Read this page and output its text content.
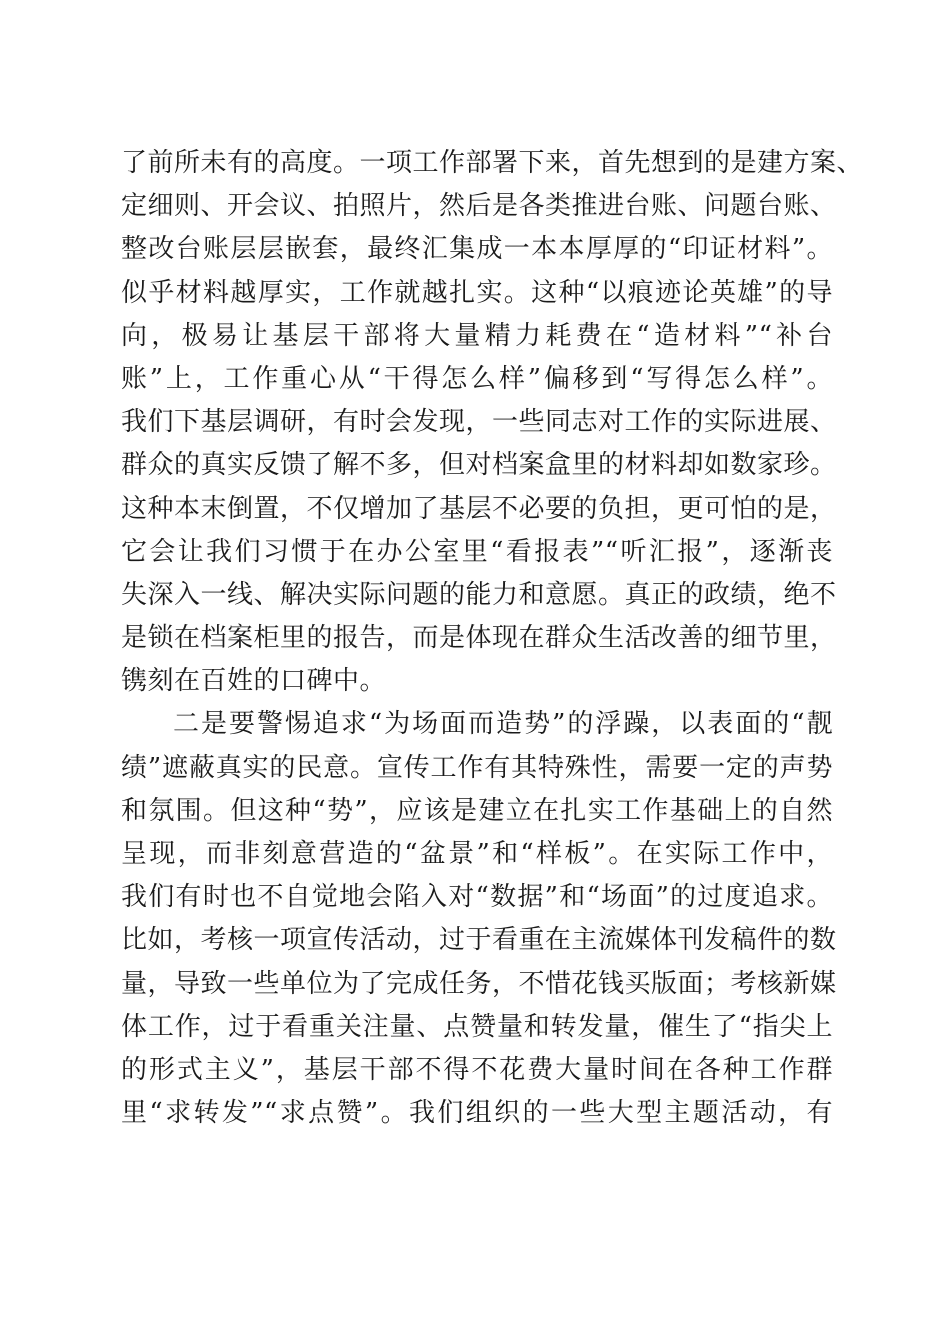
了前所未有的高度。一项工作部署下来，首先想到的是建方案、
定细则、开会议、拍照片，然后是各类推进台账、问题台账、
整改台账层层嵌套，最终汇集成一本本厚厚的“印证材料”。
似乎材料越厚实，工作就越扎实。这种“以痕迹论英雄”的导
向，极易让基层干部将大量精力耗费在“造材料”“补台
账”上，工作重心从“干得怎么样”偏移到“写得怎么样”。
我们下基层调研，有时会发现，一些同志对工作的实际进展、
群众的真实反馈了解不多，但对档案盒里的材料却如数家珍。
这种本末倒置，不仅增加了基层不必要的负担，更可怕的是，
它会让我们习惯于在办公室里“看报表”“听汇报”，逐渐丧
失深入一线、解决实际问题的能力和意愿。真正的政绩，绝不
是锁在档案柜里的报告，而是体现在群众生活改善的细节里，
镌刻在百姓的口碑中。
二是要警惕追求“为场面而造势”的浮躁，以表面的“靓
绩”遮蔽真实的民意。宣传工作有其特殊性，需要一定的声势
和氛围。但这种“势”，应该是建立在扎实工作基础上的自然
呈现，而非刻意营造的“盆景”和“样板”。在实际工作中，
我们有时也不自觉地会陷入对“数据”和“场面”的过度追求。
比如，考核一项宣传活动，过于看重在主流媒体刊发稿件的数
量，导致一些单位为了完成任务，不惜花钱买版面；考核新媒
体工作，过于看重关注量、点赞量和转发量，催生了“指尖上
的形式主义”，基层干部不得不花费大量时间在各种工作群
里“求转发”“求点赞”。我们组织的一些大型主题活动，有
